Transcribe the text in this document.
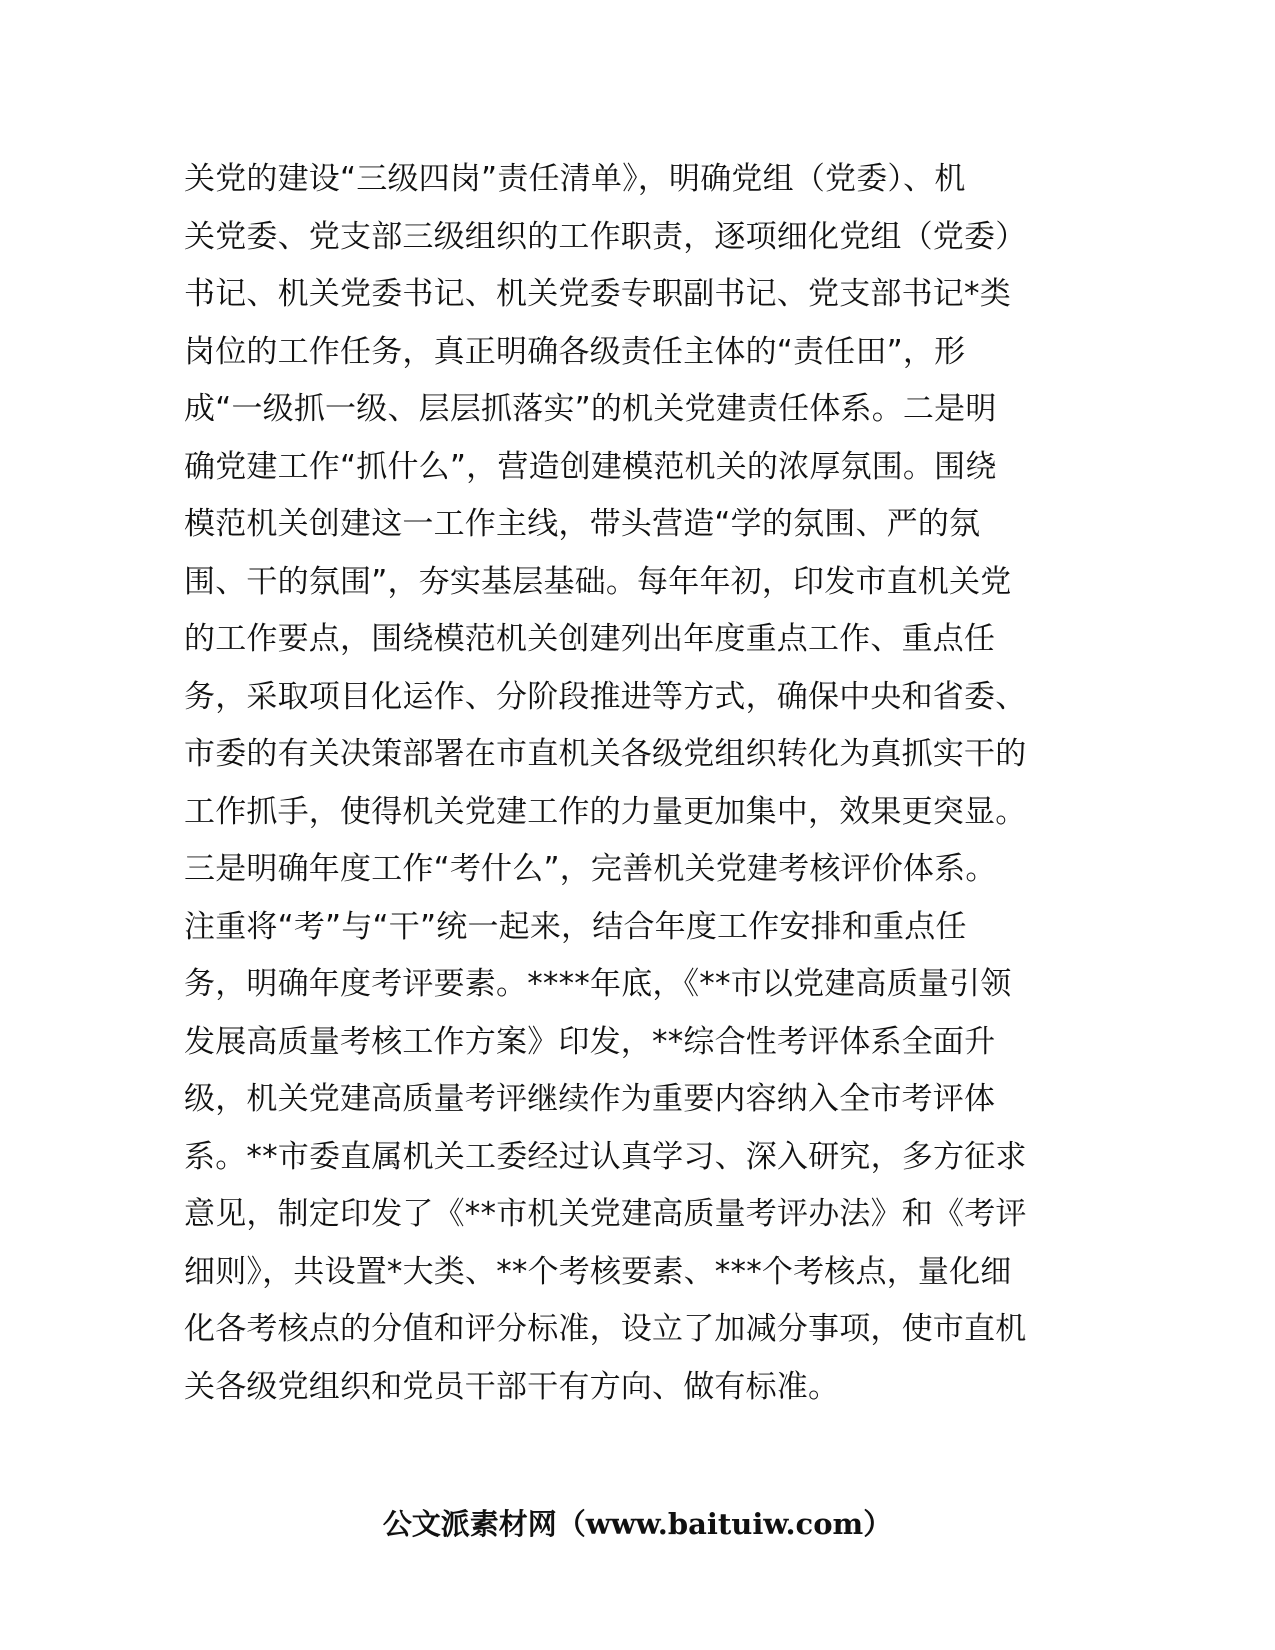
关党的建设“三级四岗”责任清单》，明确党组（党委）、机
关党委、党支部三级组织的工作职责，逐项细化党组（党委）
书记、机关党委书记、机关党委专职副书记、党支部书记*类
岗位的工作任务，真正明确各级责任主体的“责任田”，形
成“一级抓一级、层层抓落实”的机关党建责任体系。二是明
确党建工作“抓什么”，营造创建模范机关的浓厚氛围。围绕
模范机关创建这一工作主线，带头营造“学的氛围、严的氛
围、干的氛围”，夯实基层基础。每年年初，印发市直机关党
的工作要点，围绕模范机关创建列出年度重点工作、重点任
务，采取项目化运作、分阶段推进等方式，确保中央和省委、
市委的有关决策部署在市直机关各级党组织转化为真抓实干的
工作抓手，使得机关党建工作的力量更加集中，效果更突显。
三是明确年度工作“考什么”，完善机关党建考核评价体系。
注重将“考”与“干”统一起来，结合年度工作安排和重点任
务，明确年度考评要素。****年底，《**市以党建高质量引领
发展高质量考核工作方案》印发，**综合性考评体系全面升
级，机关党建高质量考评继续作为重要内容纳入全市考评体
系。**市委直属机关工委经过认真学习、深入研究，多方征求
意见，制定印发了《**市机关党建高质量考评办法》和《考评
细则》，共设置*大类、**个考核要素、***个考核点，量化细
化各考核点的分值和评分标准，设立了加减分事项，使市直机
关各级党组织和党员干部干有方向、做有标准。
公文派素材网（www.baituiw.com）
